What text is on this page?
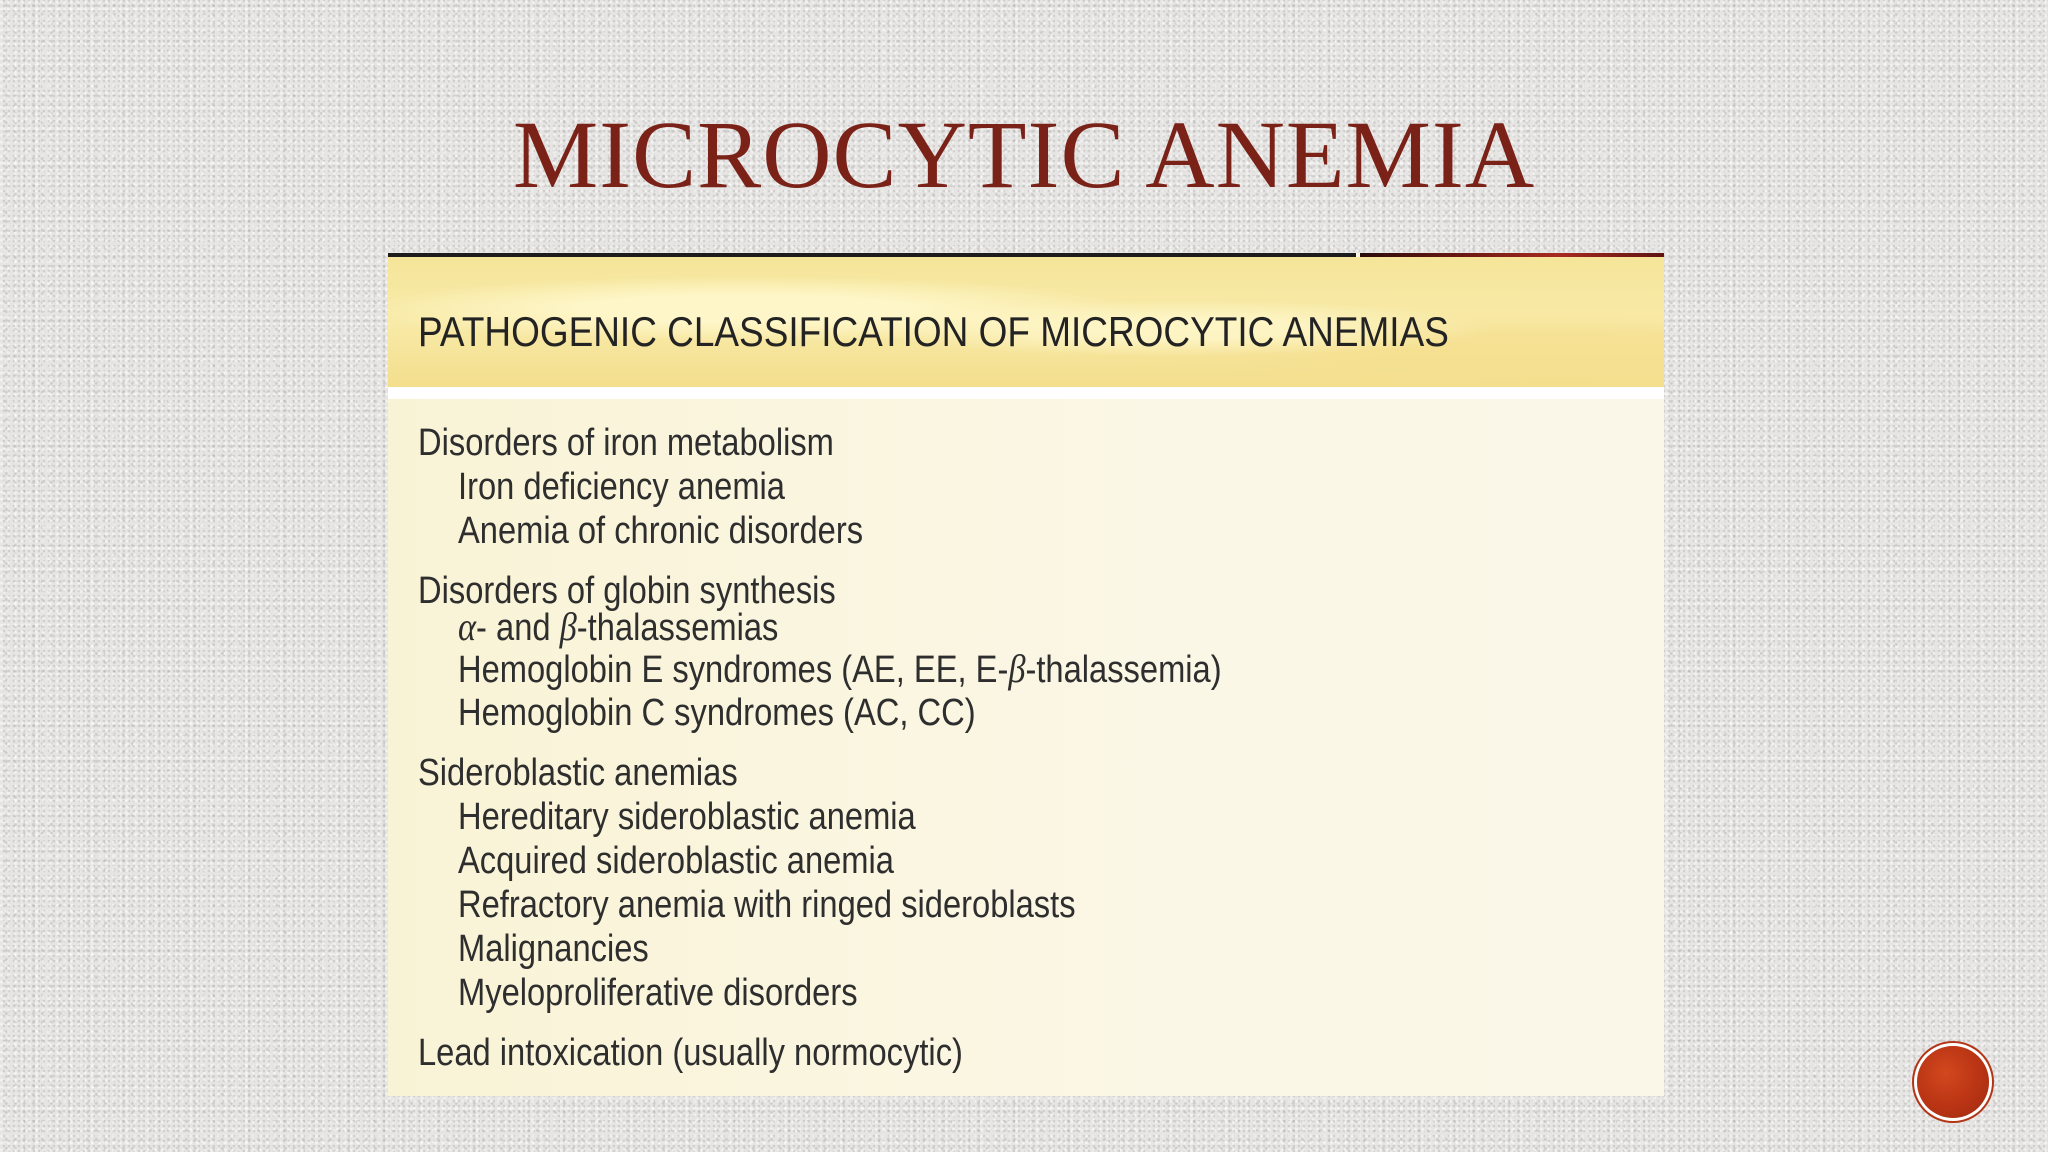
MICROCYTIC ANEMIA
PATHOGENIC CLASSIFICATION OF MICROCYTIC ANEMIAS
Disorders of iron metabolism
Iron deficiency anemia
Anemia of chronic disorders
Disorders of globin synthesis
α- and β-thalassemias
Hemoglobin E syndromes (AE, EE, E-β-thalassemia)
Hemoglobin C syndromes (AC, CC)
Sideroblastic anemias
Hereditary sideroblastic anemia
Acquired sideroblastic anemia
Refractory anemia with ringed sideroblasts
Malignancies
Myeloproliferative disorders
Lead intoxication (usually normocytic)
